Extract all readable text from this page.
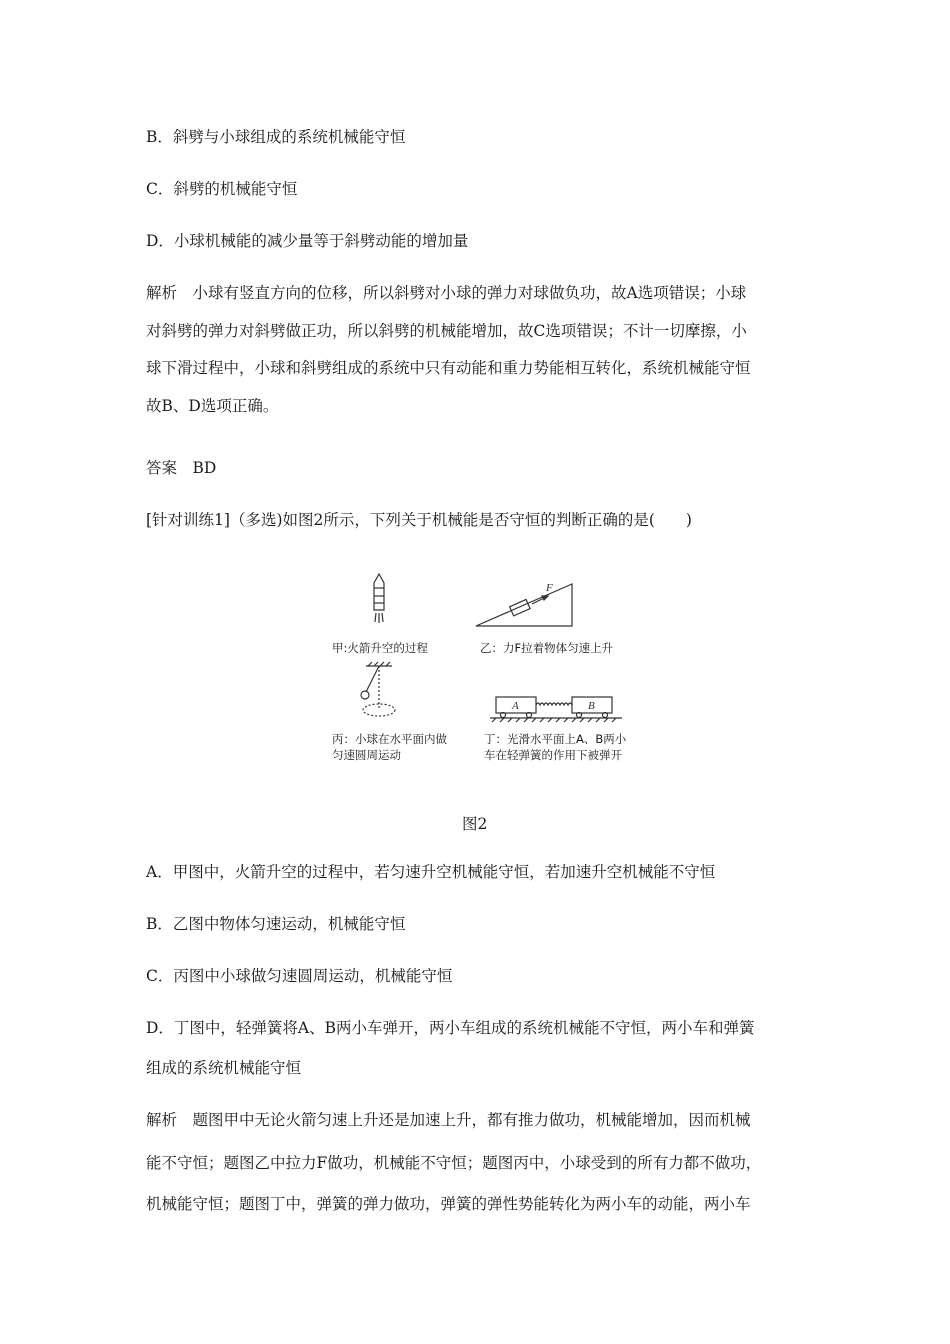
B．斜劈与小球组成的系统机械能守恒
C．斜劈的机械能守恒
D．小球机械能的减少量等于斜劈动能的增加量
解析  小球有竖直方向的位移，所以斜劈对小球的弹力对球做负功，故A选项错误；小球
对斜劈的弹力对斜劈做正功，所以斜劈的机械能增加，故C选项错误；不计一切摩擦，小
球下滑过程中，小球和斜劈组成的系统中只有动能和重力势能相互转化，系统机械能守恒
故B、D选项正确。
答案  BD
[针对训练1]（多选)如图2所示，下列关于机械能是否守恒的判断正确的是(　　)
F
A	B
甲:火箭升空的过程	乙：力F拉着物体匀速上升
丙：小球在水平面内做
匀速圆周运动
丁：光滑水平面上A、B两小
车在轻弹簧的作用下被弹开
图2
A．甲图中，火箭升空的过程中，若匀速升空机械能守恒，若加速升空机械能不守恒
B．乙图中物体匀速运动，机械能守恒
C．丙图中小球做匀速圆周运动，机械能守恒
D．丁图中，轻弹簧将A、B两小车弹开，两小车组成的系统机械能不守恒，两小车和弹簧
组成的系统机械能守恒
解析  题图甲中无论火箭匀速上升还是加速上升，都有推力做功，机械能增加，因而机械
能不守恒；题图乙中拉力F做功，机械能不守恒；题图丙中，小球受到的所有力都不做功，
机械能守恒；题图丁中，弹簧的弹力做功，弹簧的弹性势能转化为两小车的动能，两小车
